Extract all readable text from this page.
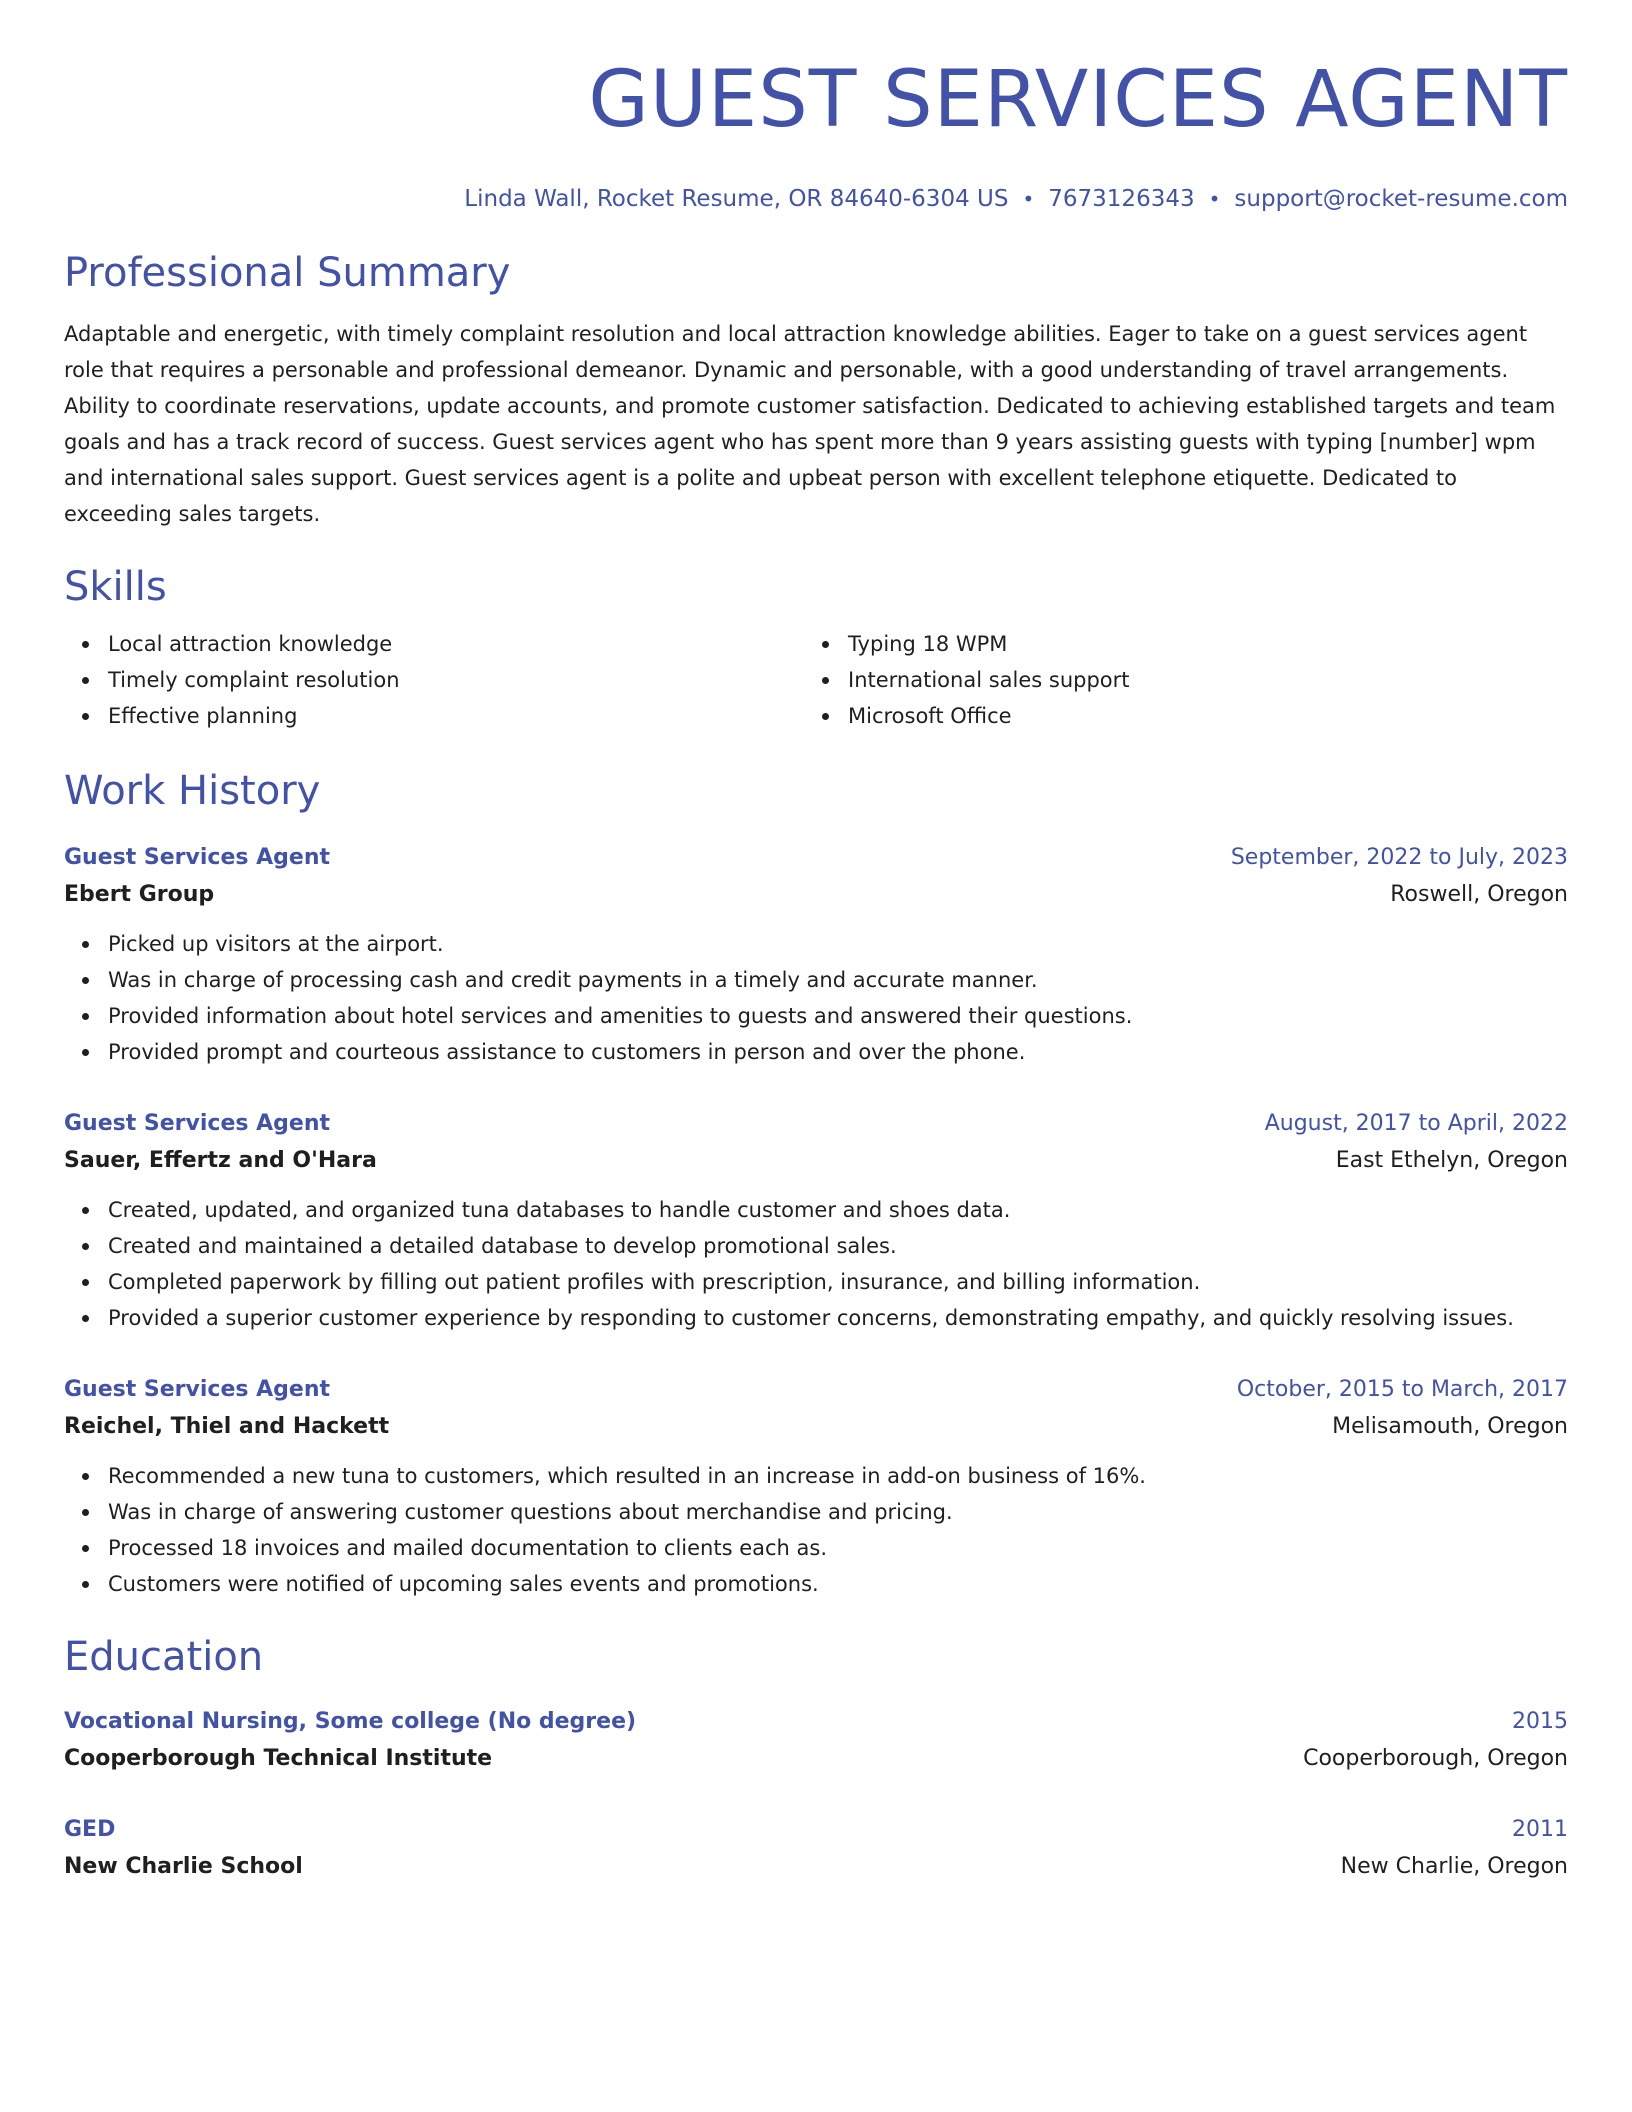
GUEST SERVICES AGENT
Linda Wall, Rocket Resume, OR 84640-6304 US • 7673126343 • support@rocket-resume.com
Professional Summary

Adaptable and energetic, with timely complaint resolution and local attraction knowledge abilities. Eager to take on a guest services agent role that requires a personable and professional demeanor. Dynamic and personable, with a good understanding of travel arrangements. Ability to coordinate reservations, update accounts, and promote customer satisfaction. Dedicated to achieving established targets and team goals and has a track record of success. Guest services agent who has spent more than 9 years assisting guests with typing [number] wpm and international sales support. Guest services agent is a polite and upbeat person with excellent telephone etiquette. Dedicated to exceeding sales targets.

Skills
Local attraction knowledge
Timely complaint resolution
Effective planning
Typing 18 WPM
International sales support
Microsoft Office
Work History
Guest Services Agent	September, 2022 to July, 2023
Ebert Group	Roswell, Oregon
Picked up visitors at the airport.
Was in charge of processing cash and credit payments in a timely and accurate manner.
Provided information about hotel services and amenities to guests and answered their questions.
Provided prompt and courteous assistance to customers in person and over the phone.
Guest Services Agent	August, 2017 to April, 2022
Sauer, Effertz and O'Hara	East Ethelyn, Oregon
Created, updated, and organized tuna databases to handle customer and shoes data.
Created and maintained a detailed database to develop promotional sales.
Completed paperwork by filling out patient profiles with prescription, insurance, and billing information.
Provided a superior customer experience by responding to customer concerns, demonstrating empathy, and quickly resolving issues.
Guest Services Agent	October, 2015 to March, 2017
Reichel, Thiel and Hackett	Melisamouth, Oregon
Recommended a new tuna to customers, which resulted in an increase in add-on business of 16%.
Was in charge of answering customer questions about merchandise and pricing.
Processed 18 invoices and mailed documentation to clients each as.
Customers were notified of upcoming sales events and promotions.
Education
Vocational Nursing, Some college (No degree)	2015
Cooperborough Technical Institute	Cooperborough, Oregon
GED	2011
New Charlie School	New Charlie, Oregon
